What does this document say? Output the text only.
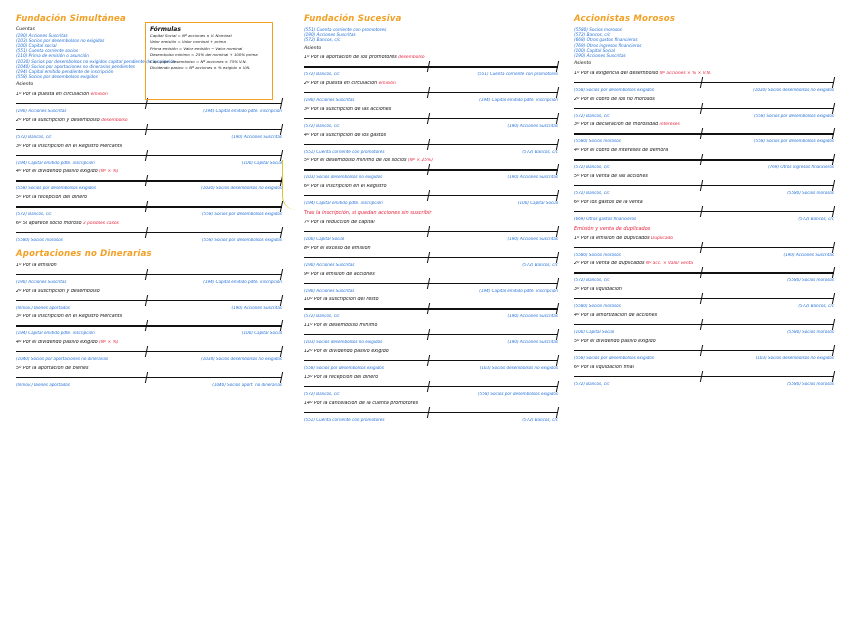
Fundación Simultánea
Cuentas
(190) Acciones Suscritas
(103) Socios por desembolsos no exigidos
(100) Capital social
(551) Cuenta corriente socios
(110) Prima de emisión o asunción
(1030) Socios por desembolsos no exigidos capital pendiente de inscripción
(1040) Socios por aportaciones no dinerarias pendientes
(194) Capital emitido pendiente de inscripción
(558) Socios por desembolsos exigidos
Asiento
1º Por la puesta en circulación emisión
(190) Acciones Suscritas	(194) Capital emitido pdte. inscripción
2º Por la suscripción y desembolso desembolso
(572) Bancos, c/c	(190) Acciones Suscritas
3º Por la inscripción en el Registro Mercantil
(194) Capital emitido pdte. inscripción	(100) Capital Social
4º Por el dividendo pasivo exigido (Nº × %)
(558) Socios por desembolsos exigidos	(1030) Socios desembolsos no exigidos
5º Por la recepción del dinero
(572) Bancos, c/c	(558) Socios por desembolsos exigidos
6º Si aparece socio moroso 3 posibles casos
(5580) Socios morosos	(558) Socios por desembolsos exigidos
Aportaciones no Dinerarias
1º Por la emisión
(190) Acciones Suscritas	(194) Capital emitido pdte. inscripción
2º Por la suscripción y desembolso
(Inmov.) Bienes aportados	(190) Acciones Suscritas
3º Por la inscripción en el Registro Mercantil
(194) Capital emitido pdte. inscripción	(100) Capital Social
4º Por el dividendo pasivo exigido (Nº × %)
(1040) Socios por aportaciones no dinerarias	(1034) Socios desembolsos no exigidos
5º Por la aportación de bienes
(Inmov.) Bienes aportados	(1040) Socios aport. no dinerarias
Fórmulas
Capital Social = Nº acciones × V. Nominal
Valor emisión = Valor nominal + prima
Prima emisión = Valor emisión − Valor nominal
Desembolso mínimo = 25% del nominal + 100% prima
Cap. pdte. desembolso = Nº acciones × 75% V.N.
Dividendo pasivo = Nº acciones × % exigido × V.N.
Fundación Sucesiva
(551) Cuenta corriente con promotores
(190) Acciones Suscritas
(572) Bancos, c/c
Asiento
1º Por la aportación de los promotores desembolso
(572) Bancos, c/c	(551) Cuenta corriente con promotores
2º Por la puesta en circulación emisión
(190) Acciones Suscritas	(194) Capital emitido pdte. inscripción
3º Por la suscripción de las acciones
(572) Bancos, c/c	(190) Acciones Suscritas
4º Por la suscripción de los gastos
(551) Cuenta corriente con promotores	(572) Bancos, c/c
5º Por el desembolso mínimo de los socios (Nº × 25%)
(103) Socios desembolsos no exigidos	(190) Acciones Suscritas
6º Por la inscripción en el Registro
(194) Capital emitido pdte. inscripción	(100) Capital Social
Tras la inscripción, si quedan acciones sin suscribir
7º Por la reducción de capital
(100) Capital Social	(190) Acciones Suscritas
8º Por el exceso de emisión
(190) Acciones Suscritas	(572) Bancos, c/c
9º Por la emisión de acciones
(190) Acciones Suscritas	(194) Capital emitido pdte. inscripción
10º Por la suscripción del resto
(572) Bancos, c/c	(190) Acciones Suscritas
11º Por el desembolso mínimo
(103) Socios desembolsos no exigidos	(190) Acciones Suscritas
12º Por el dividendo pasivo exigido
(558) Socios por desembolsos exigidos	(103) Socios desembolsos no exigidos
13º Por la recepción del dinero
(572) Bancos, c/c	(558) Socios por desembolsos exigidos
14º Por la cancelación de la cuenta promotores
(551) Cuenta corriente con promotores	(572) Bancos, c/c
Accionistas Morosos
(5580) Socios morosos
(572) Bancos, c/c
(668) Otros gastos financieros
(769) Otros ingresos financieros
(100) Capital Social
(190) Acciones Suscritas
Asiento
1º Por la exigencia del desembolso Nº acciones × % × V.N.
(558) Socios por desembolsos exigidos	(1030) Socios desembolsos no exigidos
2º Por el cobro de los no morosos
(572) Bancos, c/c	(558) Socios por desembolsos exigidos
3º Por la declaración de morosidad intereses
(5580) Socios morosos	(558) Socios por desembolsos exigidos
4º Por el cobro de intereses de demora
(572) Bancos, c/c	(769) Otros ingresos financieros
5º Por la venta de las acciones
(572) Bancos, c/c	(5580) Socios morosos
6º Por los gastos de la venta
(669) Otros gastos financieros	(572) Bancos, c/c
Emisión y venta de duplicados
1º Por la emisión de duplicados Duplicado
(5580) Socios morosos	(190) Acciones Suscritas
2º Por la venta de duplicados Nº acc. × Valor venta
(572) Bancos, c/c	(5580) Socios morosos
3º Por la liquidación
(5580) Socios morosos	(572) Bancos, c/c
4º Por la amortización de acciones
(100) Capital Social	(5580) Socios morosos
5º Por el dividendo pasivo exigido
(558) Socios por desembolsos exigidos	(103) Socios desembolsos no exigidos
6º Por la liquidación final
(572) Bancos, c/c	(5580) Socios morosos
